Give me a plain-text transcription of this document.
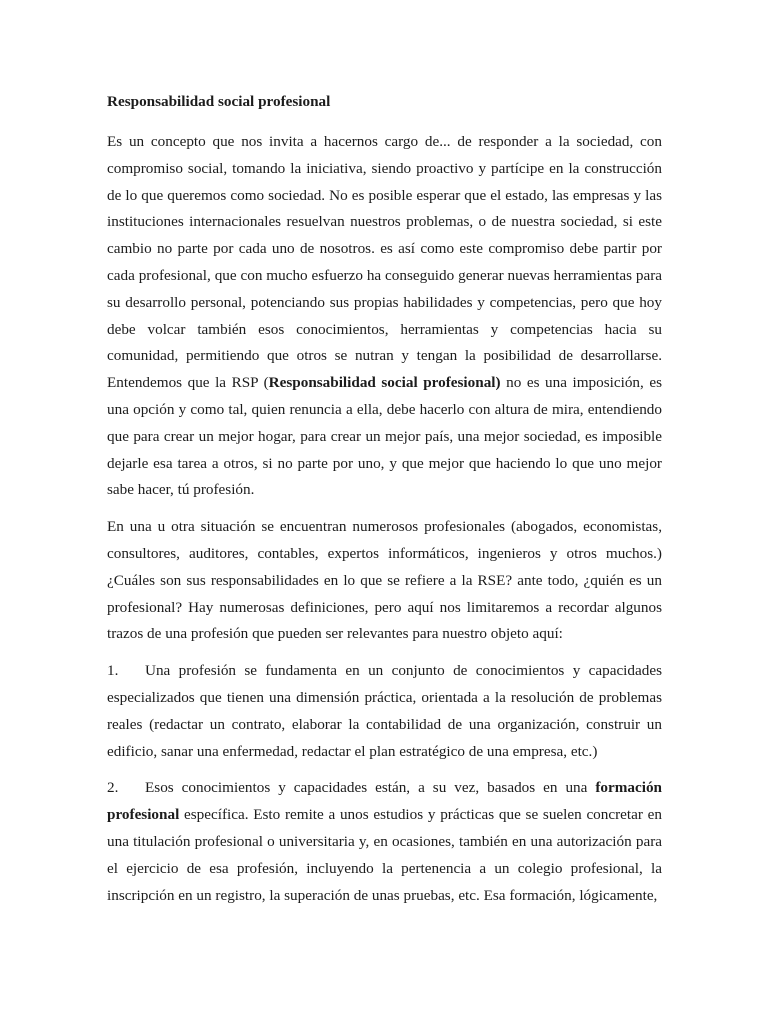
Responsabilidad social profesional

Es un concepto que nos invita a hacernos cargo de... de responder a la sociedad, con compromiso social, tomando la iniciativa, siendo proactivo y partícipe en la construcción de lo que queremos como sociedad. No es posible esperar que el estado, las empresas y las instituciones internacionales resuelvan nuestros problemas, o de nuestra sociedad, si este cambio no parte por cada uno de nosotros. es así como este compromiso debe partir por cada profesional, que con mucho esfuerzo ha conseguido generar nuevas herramientas para su desarrollo personal, potenciando sus propias habilidades y competencias, pero que hoy debe volcar también esos conocimientos, herramientas y competencias hacia su comunidad, permitiendo que otros se nutran y tengan la posibilidad de desarrollarse. Entendemos que la RSP (Responsabilidad social profesional) no es una imposición, es una opción y como tal, quien renuncia a ella, debe hacerlo con altura de mira, entendiendo que para crear un mejor hogar, para crear un mejor país, una mejor sociedad, es imposible dejarle esa tarea a otros, si no parte por uno, y que mejor que haciendo lo que uno mejor sabe hacer, tú profesión.

En una u otra situación se encuentran numerosos profesionales (abogados, economistas, consultores, auditores, contables, expertos informáticos, ingenieros y otros muchos.) ¿Cuáles son sus responsabilidades en lo que se refiere a la RSE? ante todo, ¿quién es un profesional? Hay numerosas definiciones, pero aquí nos limitaremos a recordar algunos trazos de una profesión que pueden ser relevantes para nuestro objeto aquí:

1. Una profesión se fundamenta en un conjunto de conocimientos y capacidades especializados que tienen una dimensión práctica, orientada a la resolución de problemas reales (redactar un contrato, elaborar la contabilidad de una organización, construir un edificio, sanar una enfermedad, redactar el plan estratégico de una empresa, etc.)

2. Esos conocimientos y capacidades están, a su vez, basados en una formación profesional específica. Esto remite a unos estudios y prácticas que se suelen concretar en una titulación profesional o universitaria y, en ocasiones, también en una autorización para el ejercicio de esa profesión, incluyendo la pertenencia a un colegio profesional, la inscripción en un registro, la superación de unas pruebas, etc. Esa formación, lógicamente,
